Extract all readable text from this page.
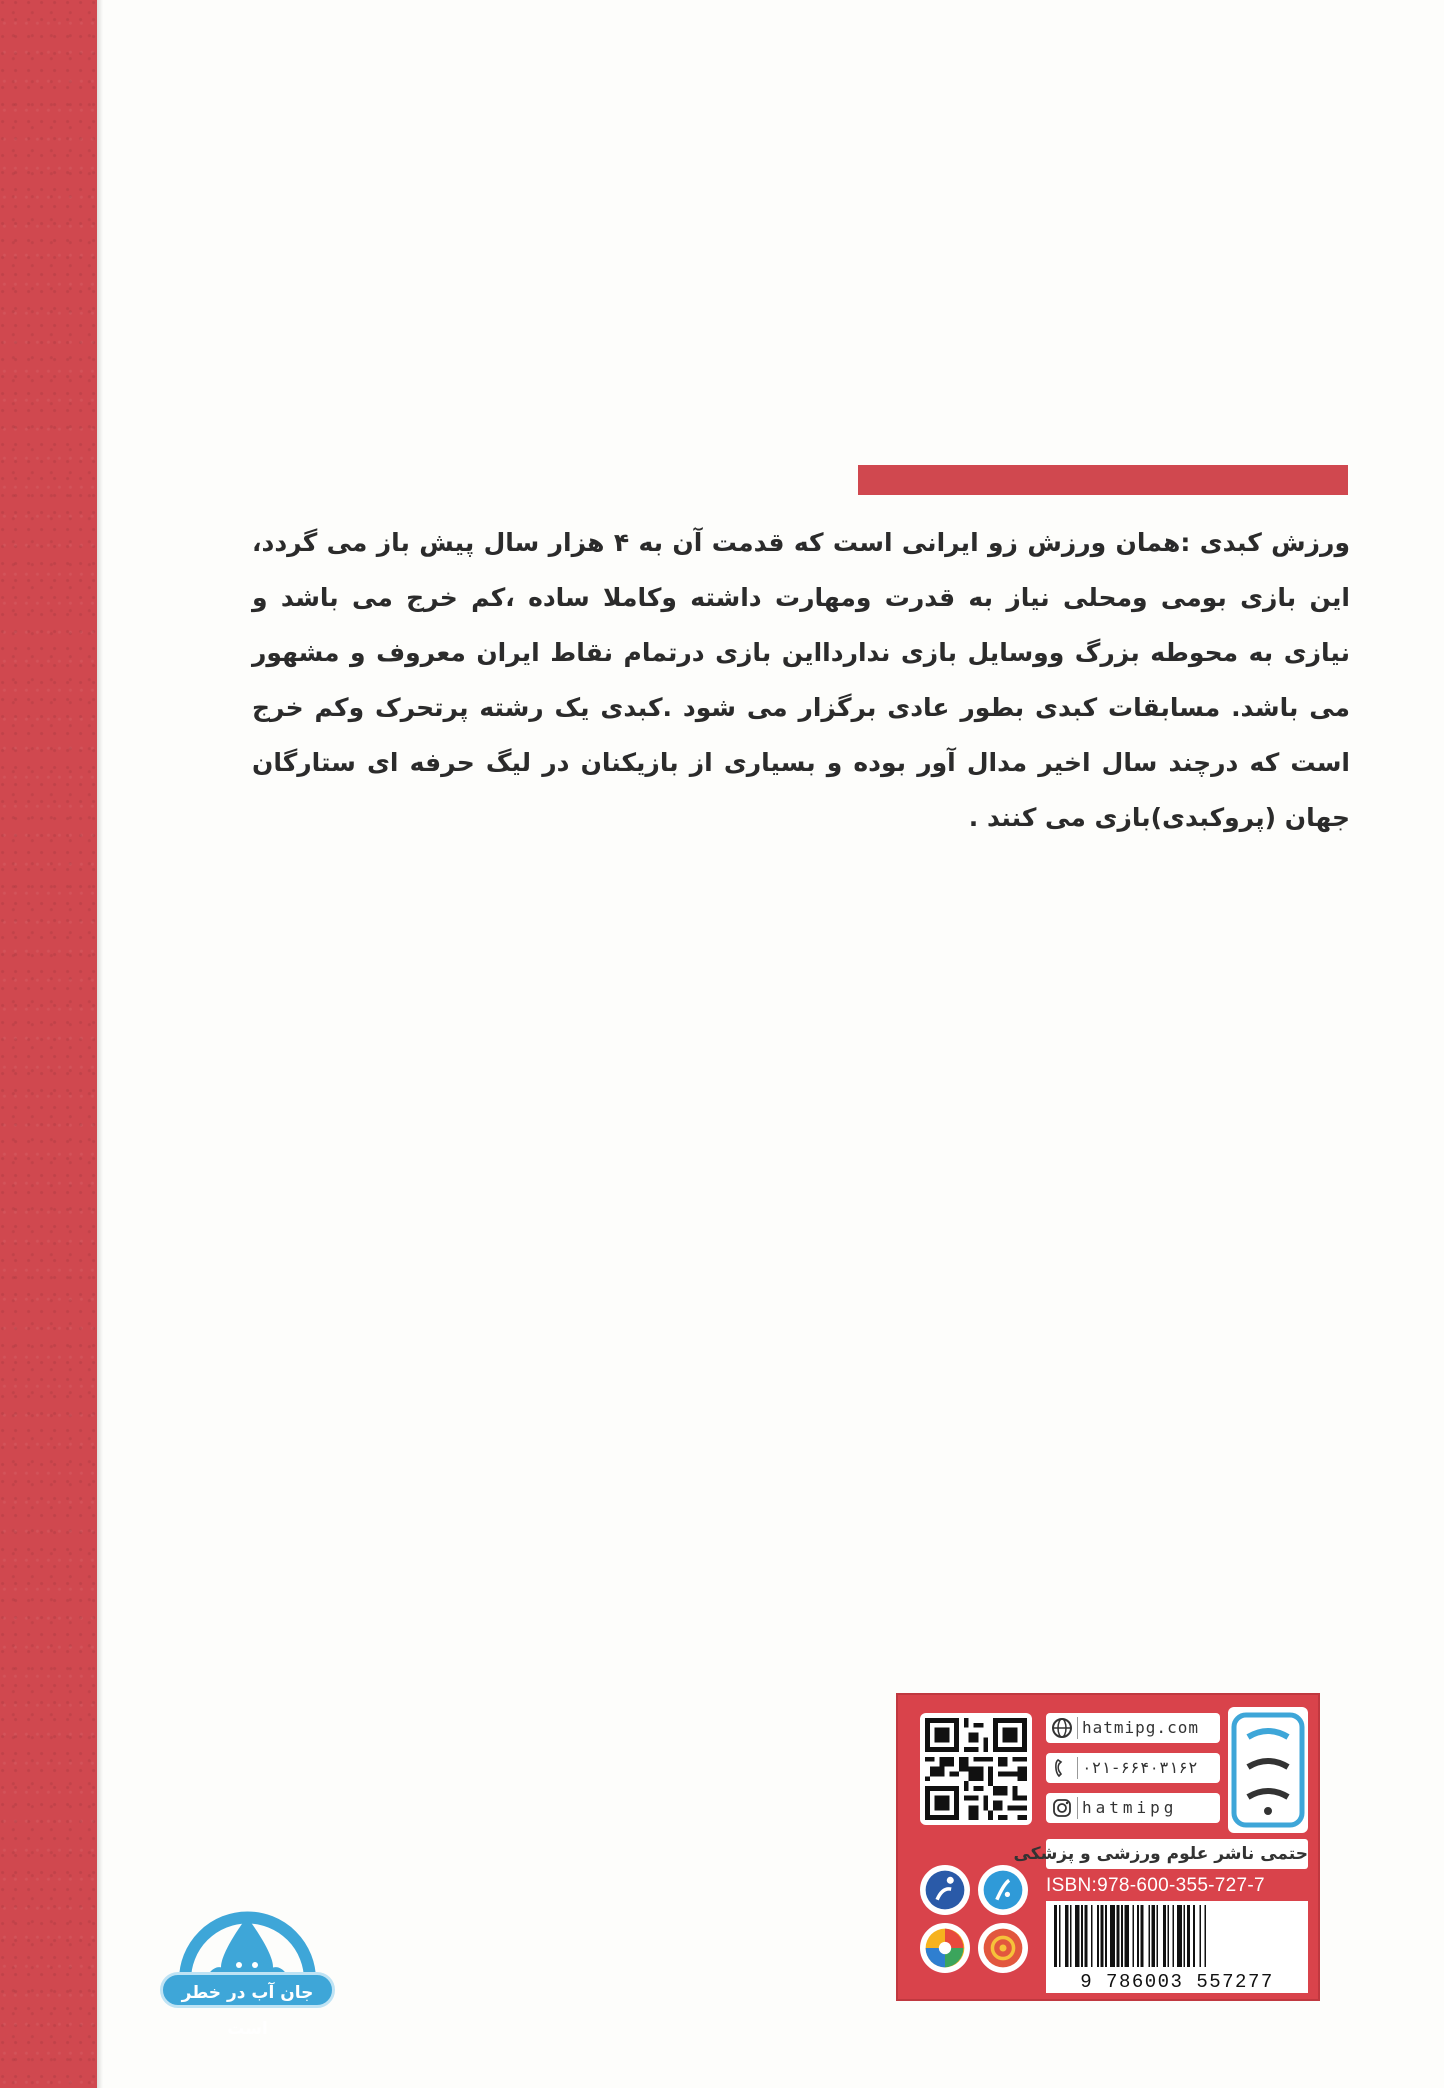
ورزش کبدی :همان ورزش زو ایرانی است که قدمت آن به ۴ هزار سال پیش باز می گردد، این بازی بومی ومحلی نیاز به قدرت ومهارت داشته وکاملا ساده ،کم خرج می باشد و نیازی به محوطه بزرگ ووسایل بازی نداردااین بازی درتمام نقاط ایران معروف و مشهور می باشد. مسابقات کبدی بطور عادی برگزار می شود .کبدی یک رشته پرتحرک وکم خرج است که درچند سال اخیر مدال آور بوده و بسیاری از بازیکنان در لیگ حرفه ای ستارگان جهان (پروکبدی)بازی می کنند .

جان آب در خطر است
hatmipg.com
۰۲۱-۶۶۴۰۳۱۶۲
hatmipg
حتمی ناشر علوم ورزشی و پزشکی
ISBN:978-600-355-727-7
9 786003 557277
